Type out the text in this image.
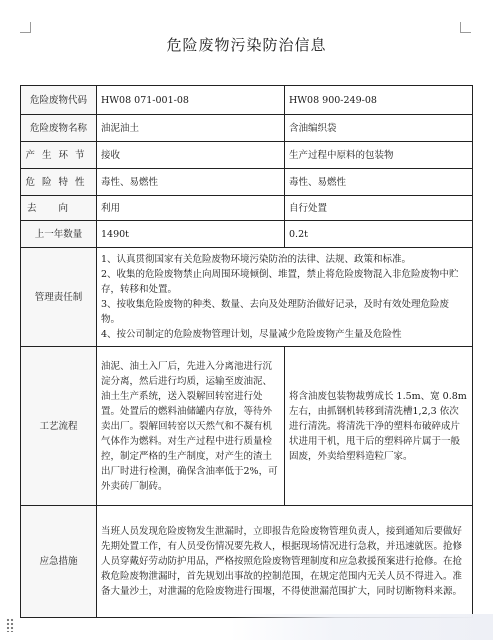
危险废物污染防治信息
危险废物代码	HW08 071-001-08	HW08 900-249-08
危险废物名称	油泥油土	含油编织袋
产生环节	接收	生产过程中原料的包装物
危险特性	毒性、易燃性	毒性、易燃性
去向	利用	自行处置
上一年数量	1490t	0.2t
管理责任制	1、认真贯彻国家有关危险废物环境污染防治的法律、法规、政策和标准。

2、收集的危险废物禁止向周围环境倾倒、堆置，禁止将危险废物混入非危险废物中贮存，转移和处置。

3、按收集危险废物的种类、数量、去向及处理防治做好记录，及时有效处理危险废物。

4、按公司制定的危险废物管理计划，尽量减少危险废物产生量及危险性	

工艺流程	油泥、油土入厂后，先进入分离池进行沉淀分离，然后进行均质，运输至废油泥、油土生产系统，送入裂解回转窑进行处置。处置后的燃料油储罐内存放，等待外卖出厂。裂解回转窑以天然气和不凝有机气体作为燃料。对生产过程中进行质量检控，制定严格的生产制度，对产生的渣土出厂时进行检测，确保含油率低于2%，可外卖砖厂制砖。	将含油废包装物裁剪成长 1.5m、宽 0.8m 左右，由抓钢机转移到清洗槽1,2,3 依次进行清洗。将清洗干净的塑料布破碎成片状进用干机，甩干后的塑料碎片属于一般固废，外卖给塑料造粒厂家。
应急措施	当班人员发现危险废物发生泄漏时，立即报告危险废物管理负责人，接到通知后要做好先期处置工作，有人员受伤情况要先救人，根据现场情况进行急救，并迅速就医。抢修人员穿戴好劳动防护用品，严格按照危险废物管理制度和应急救援预案进行抢修。在抢救危险废物泄漏时，首先规划出事故的控制范围，在规定范围内无关人员不得进入。准备大量沙土，对泄漏的危险废物进行围堰，不得使泄漏范围扩大，同时切断物料来源。	
